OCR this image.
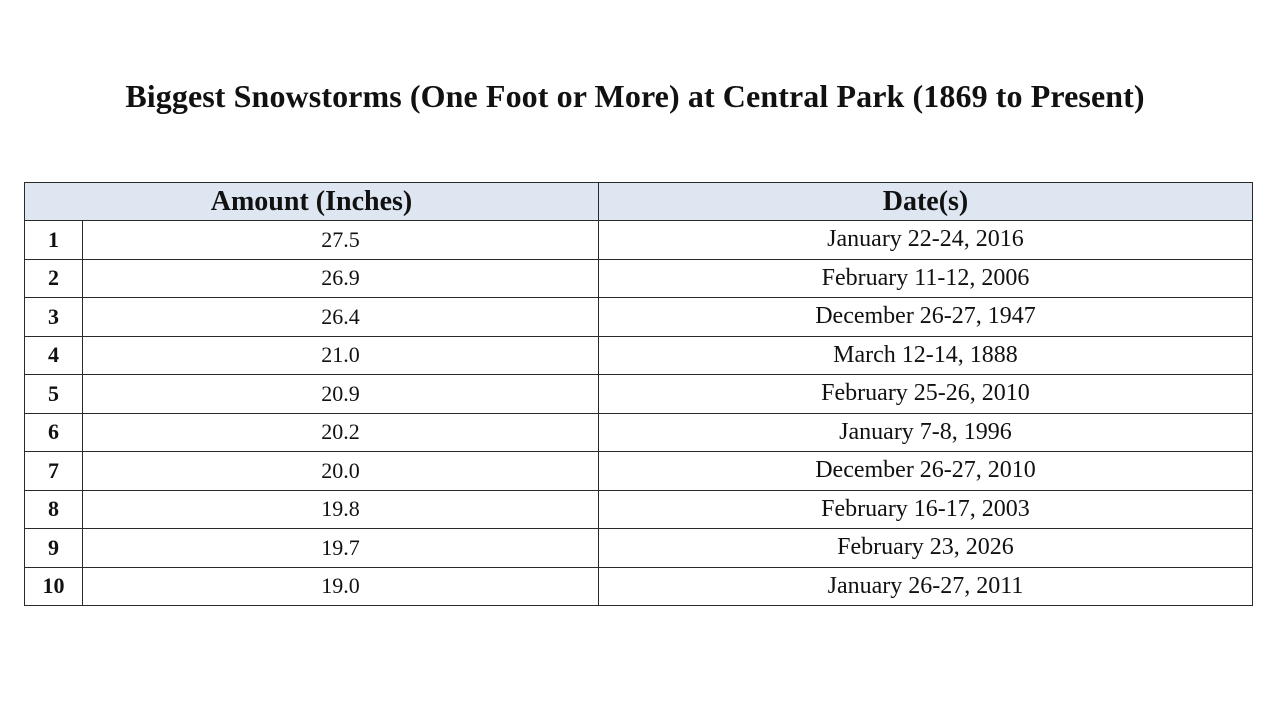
Biggest Snowstorms (One Foot or More) at Central Park (1869 to Present)
Amount (Inches)		Date(s)
1	27.5	January 22-24, 2016
2	26.9	February 11-12, 2006
3	26.4	December 26-27, 1947
4	21.0	March 12-14, 1888
5	20.9	February 25-26, 2010
6	20.2	January 7-8, 1996
7	20.0	December 26-27, 2010
8	19.8	February 16-17, 2003
9	19.7	February 23, 2026
10	19.0	January 26-27, 2011
